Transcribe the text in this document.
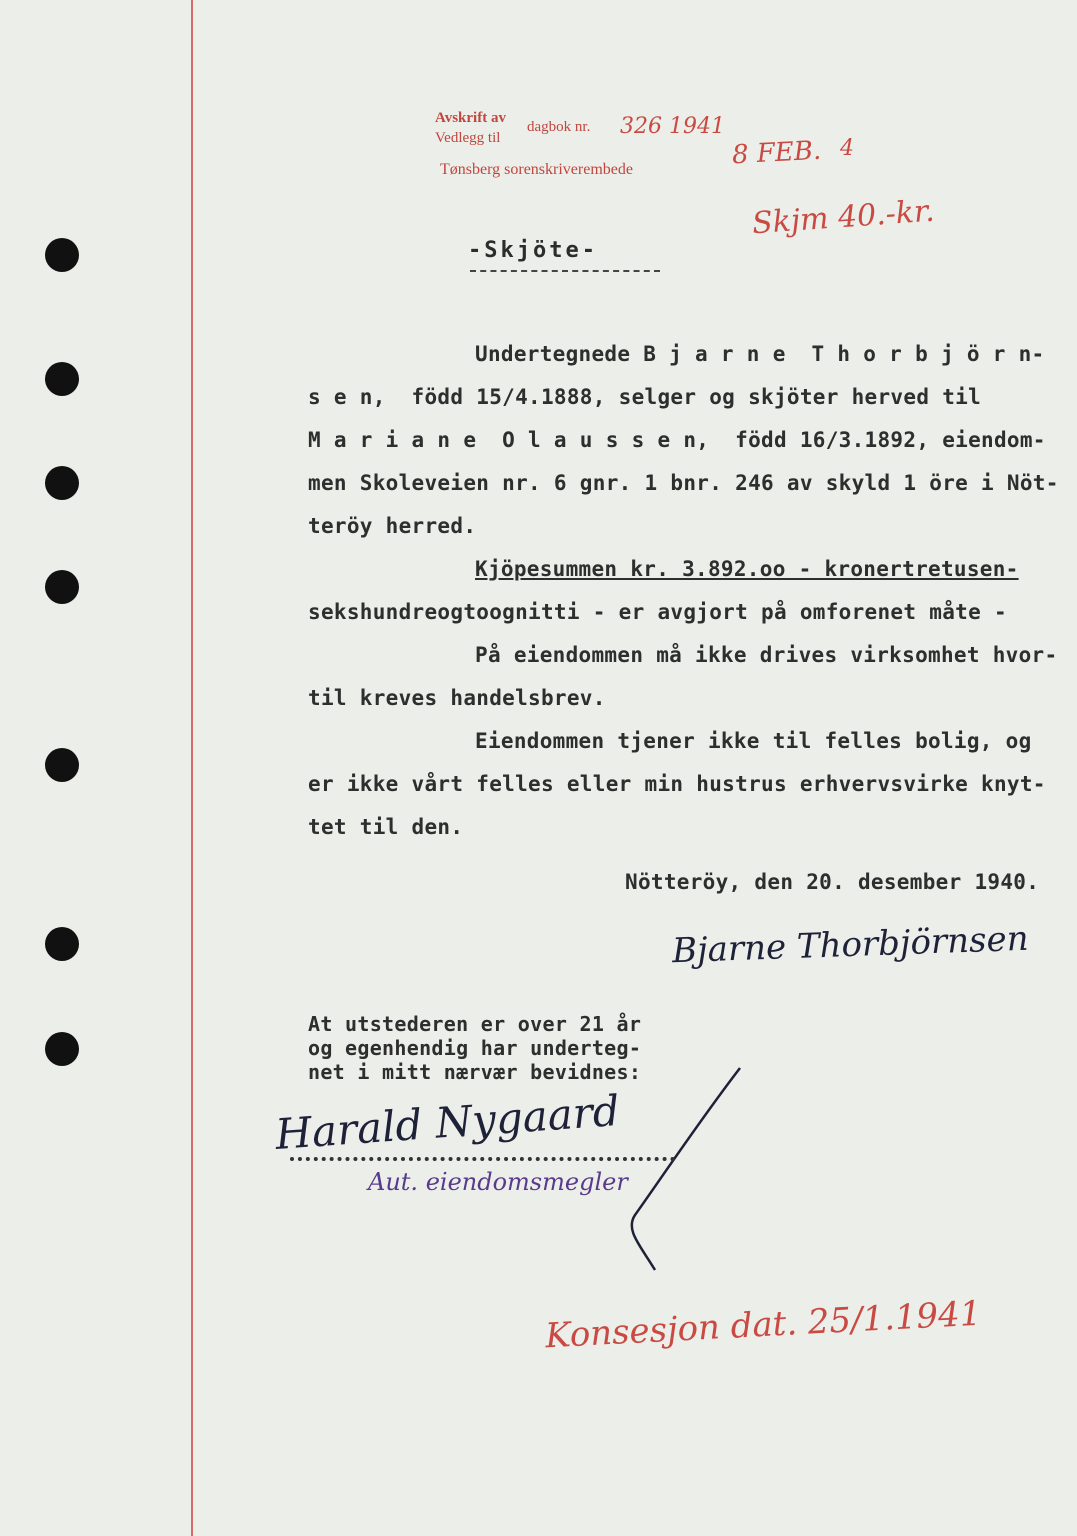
Avskrift av
Vedlegg til
dagbok nr.
Tønsberg sorenskriverembede
326 1941
8 FEB. 4
Skjm 40.-kr.
-Skjöte-
Undertegnede B j a r n e  T h o r b j ö r n-
s e n,  född 15/4.1888, selger og skjöter herved til
M a r i a n e  O l a u s s e n,  född 16/3.1892, eiendom-
men Skoleveien nr. 6 gnr. 1 bnr. 246 av skyld 1 öre i Nöt-
teröy herred.
Kjöpesummen kr. 3.892.oo - kronertretusen-
sekshundreogtoognitti - er avgjort på omforenet måte -
På eiendommen må ikke drives virksomhet hvor-
til kreves handelsbrev.
Eiendommen tjener ikke til felles bolig, og
er ikke vårt felles eller min hustrus erhvervsvirke knyt-
tet til den.
Nötteröy, den 20. desember 1940.
Bjarne Thorbjörnsen
At utstederen er over 21 år
og egenhendig har underteg-
net i mitt nærvær bevidnes:
Harald Nygaard
Aut. eiendomsmegler
Konsesjon dat. 25/1.1941
